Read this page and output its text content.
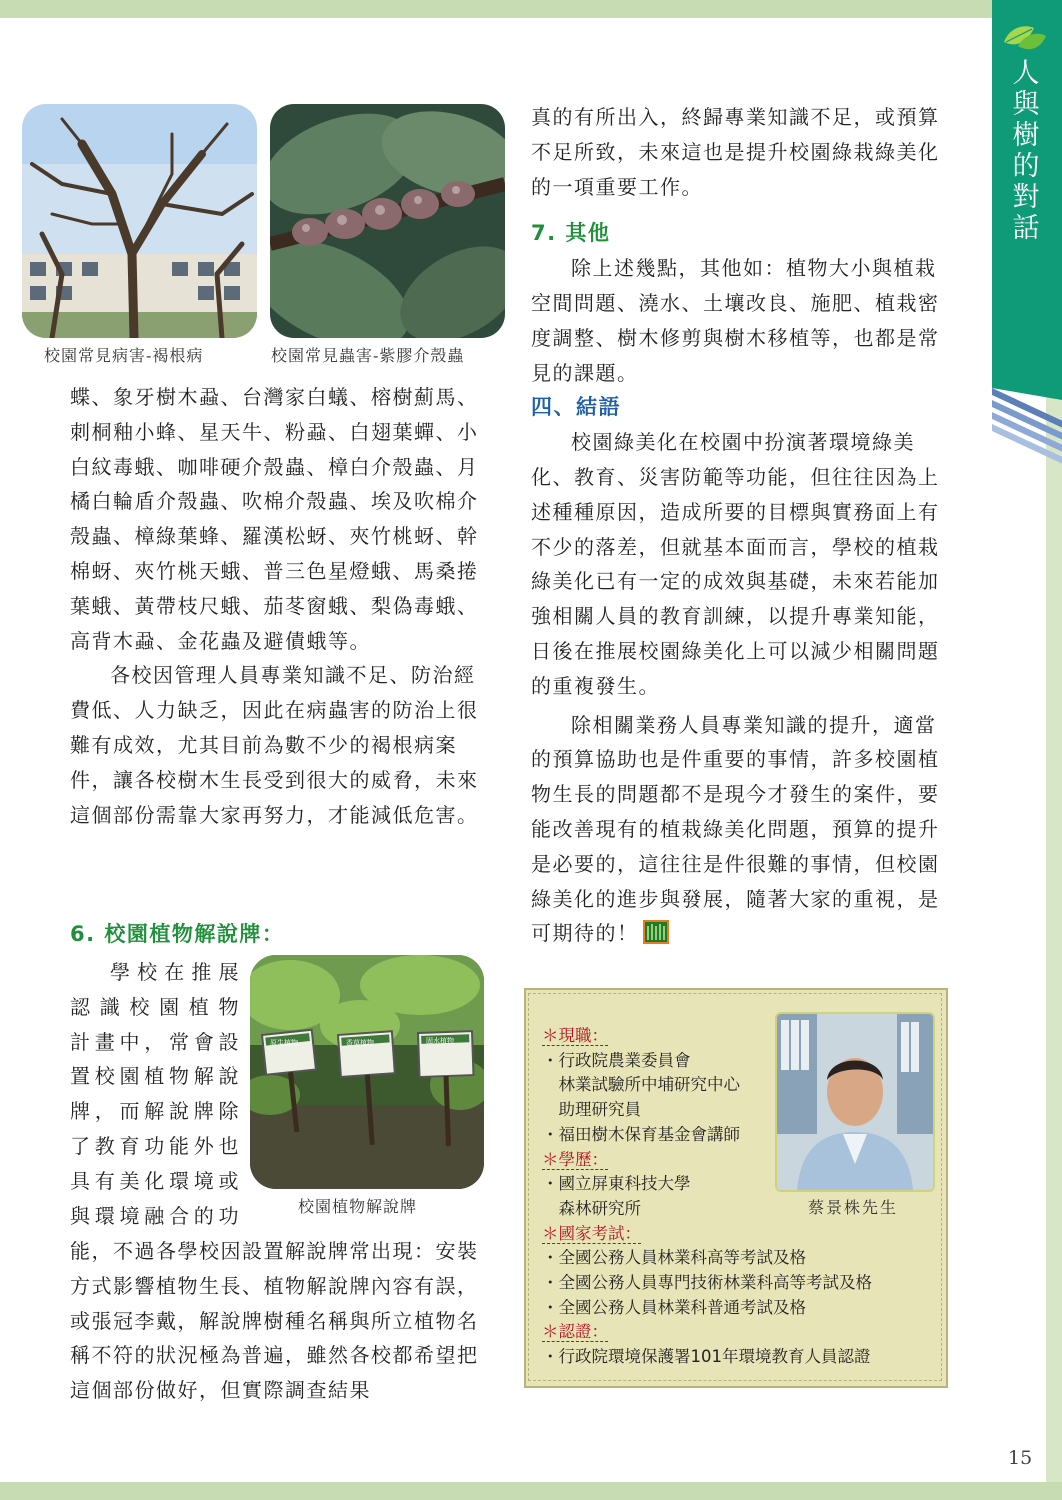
人與樹的對話
校園常見病害-褐根病	校園常見蟲害-紫膠介殼蟲

蝶、象牙樹木蝨、台灣家白蟻、榕樹薊馬、刺桐釉小蜂、星天牛、粉蝨、白翅葉蟬、小白紋毒蛾、咖啡硬介殼蟲、樟白介殼蟲、月橘白輪盾介殼蟲、吹棉介殼蟲、埃及吹棉介殼蟲、樟綠葉蜂、羅漢松蚜、夾竹桃蚜、幹棉蚜、夾竹桃天蛾、普三色星燈蛾、馬桑捲葉蛾、黃帶枝尺蛾、茄苳窗蛾、梨偽毒蛾、高背木蝨、金花蟲及避債蛾等。

各校因管理人員專業知識不足、防治經費低、人力缺乏，因此在病蟲害的防治上很難有成效，尤其目前為數不少的褐根病案件，讓各校樹木生長受到很大的威脅，未來這個部份需靠大家再努力，才能減低危害。

6. 校園植物解說牌：
學校在推展
認識校園植物
計畫中，常會設
置校園植物解說
牌，而解說牌除
了教育功能外也
具有美化環境或
與環境融合的功
能，不過各學校因設置解說牌常出現：安裝方式影響植物生長、植物解說牌內容有誤，或張冠李戴，解說牌樹種名稱與所立植物名稱不符的狀況極為普遍，雖然各校都希望把這個部份做好，但實際調查結果
原生植物	香草植物	固水植物
校園植物解說牌

真的有所出入，終歸專業知識不足，或預算不足所致，未來這也是提升校園綠栽綠美化的一項重要工作。

7. 其他

除上述幾點，其他如：植物大小與植栽空間問題、澆水、土壤改良、施肥、植栽密度調整、樹木修剪與樹木移植等，也都是常見的課題。

四、結語

校園綠美化在校園中扮演著環境綠美化、教育、災害防範等功能，但往往因為上述種種原因，造成所要的目標與實務面上有不少的落差，但就基本面而言，學校的植栽綠美化已有一定的成效與基礎，未來若能加強相關人員的教育訓練，以提升專業知能，日後在推展校園綠美化上可以減少相關問題的重複發生。

除相關業務人員專業知識的提升，適當的預算協助也是件重要的事情，許多校園植物生長的問題都不是現今才發生的案件，要能改善現有的植栽綠美化問題，預算的提升是必要的，這往往是件很難的事情，但校園綠美化的進步與發展，隨著大家的重視，是可期待的！

＊現職：
・行政院農業委員會
　林業試驗所中埔研究中心
　助理研究員
・福田樹木保育基金會講師
＊學歷：
・國立屏東科技大學
　森林研究所
＊國家考試：
・全國公務人員林業科高等考試及格
・全國公務人員專門技術林業科高等考試及格
・全國公務人員林業科普通考試及格
＊認證：
・行政院環境保護署101年環境教育人員認證
蔡景株先生
15
